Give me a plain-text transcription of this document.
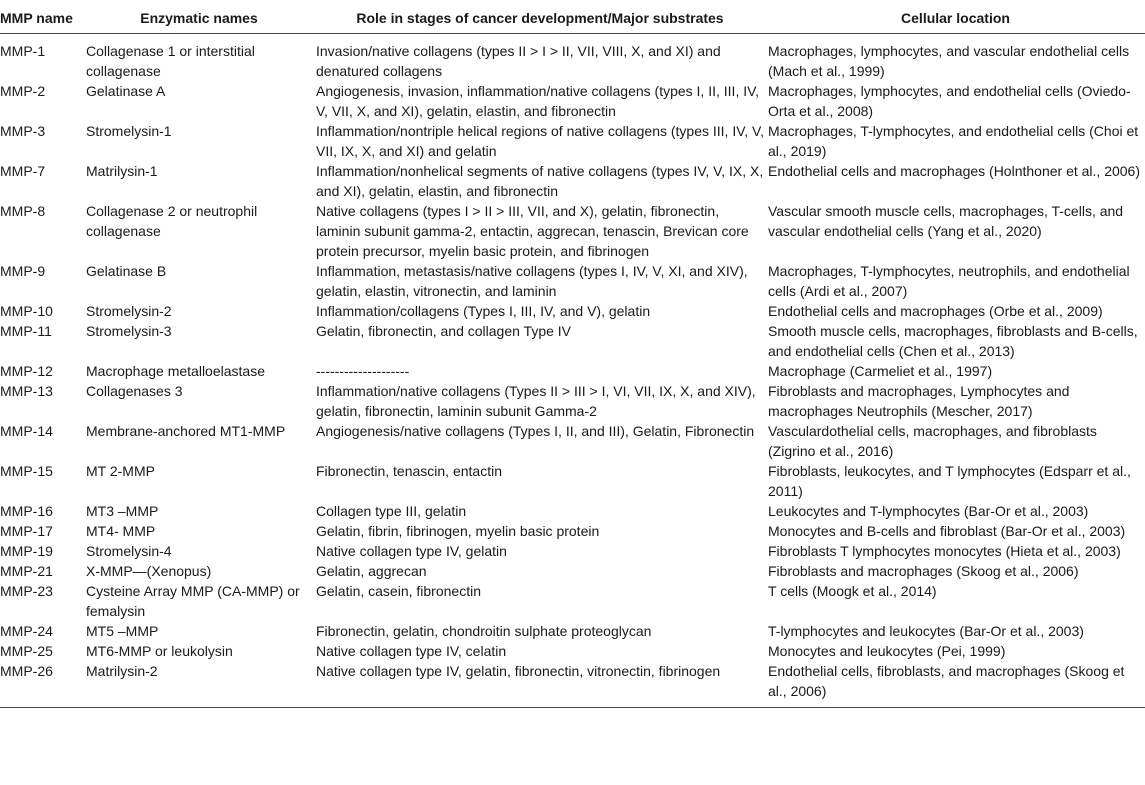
MMP name	Enzymatic names	Role in stages of cancer development/Major substrates	Cellular location
MMP-1	Collagenase 1 or interstitial collagenase	Invasion/native collagens (types II > I > II, VII, VIII, X, and XI) and denatured collagens	Macrophages, lymphocytes, and vascular endothelial cells (Mach et al., 1999)
MMP-2	Gelatinase A	Angiogenesis, invasion, inflammation/native collagens (types I, II, III, IV, V, VII, X, and XI), gelatin, elastin, and fibronectin	Macrophages, lymphocytes, and endothelial cells (Oviedo-Orta et al., 2008)
MMP-3	Stromelysin-1	Inflammation/nontriple helical regions of native collagens (types III, IV, V, VII, IX, X, and XI) and gelatin	Macrophages, T-lymphocytes, and endothelial cells (Choi et al., 2019)
MMP-7	Matrilysin-1	Inflammation/nonhelical segments of native collagens (types IV, V, IX, X, and XI), gelatin, elastin, and fibronectin	Endothelial cells and macrophages (Holnthoner et al., 2006)
MMP-8	Collagenase 2 or neutrophil collagenase	Native collagens (types I > II > III, VII, and X), gelatin, fibronectin, laminin subunit gamma-2, entactin, aggrecan, tenascin, Brevican core protein precursor, myelin basic protein, and fibrinogen	Vascular smooth muscle cells, macrophages, T-cells, and vascular endothelial cells (Yang et al., 2020)
MMP-9	Gelatinase B	Inflammation, metastasis/native collagens (types I, IV, V, XI, and XIV), gelatin, elastin, vitronectin, and laminin	Macrophages, T-lymphocytes, neutrophils, and endothelial cells (Ardi et al., 2007)
MMP-10	Stromelysin-2	Inflammation/collagens (Types I, III, IV, and V), gelatin	Endothelial cells and macrophages (Orbe et al., 2009)
MMP-11	Stromelysin-3	Gelatin, fibronectin, and collagen Type IV	Smooth muscle cells, macrophages, fibroblasts and B-cells, and endothelial cells (Chen et al., 2013)
MMP-12	Macrophage metalloelastase	--------------------	Macrophage (Carmeliet et al., 1997)
MMP-13	Collagenases 3	Inflammation/native collagens (Types II > III > I, VI, VII, IX, X, and XIV), gelatin, fibronectin, laminin subunit Gamma-2	Fibroblasts and macrophages, Lymphocytes and macrophages Neutrophils (Mescher, 2017)
MMP-14	Membrane-anchored MT1-MMP	Angiogenesis/native collagens (Types I, II, and III), Gelatin, Fibronectin	Vasculardothelial cells, macrophages, and fibroblasts (Zigrino et al., 2016)
MMP-15	MT 2-MMP	Fibronectin, tenascin, entactin	Fibroblasts, leukocytes, and T lymphocytes (Edsparr et al., 2011)
MMP-16	MT3 –MMP	Collagen type III, gelatin	Leukocytes and T-lymphocytes (Bar-Or et al., 2003)
MMP-17	MT4- MMP	Gelatin, fibrin, fibrinogen, myelin basic protein	Monocytes and B-cells and fibroblast (Bar-Or et al., 2003)
MMP-19	Stromelysin-4	Native collagen type IV, gelatin	Fibroblasts T lymphocytes monocytes (Hieta et al., 2003)
MMP-21	X-MMP—(Xenopus)	Gelatin, aggrecan	Fibroblasts and macrophages (Skoog et al., 2006)
MMP-23	Cysteine Array MMP (CA-MMP) or femalysin	Gelatin, casein, fibronectin	T cells (Moogk et al., 2014)
MMP-24	MT5 –MMP	Fibronectin, gelatin, chondroitin sulphate proteoglycan	T-lymphocytes and leukocytes (Bar-Or et al., 2003)
MMP-25	MT6-MMP or leukolysin	Native collagen type IV, celatin	Monocytes and leukocytes (Pei, 1999)
MMP-26	Matrilysin-2	Native collagen type IV, gelatin, fibronectin, vitronectin, fibrinogen	Endothelial cells, fibroblasts, and macrophages (Skoog et al., 2006)
